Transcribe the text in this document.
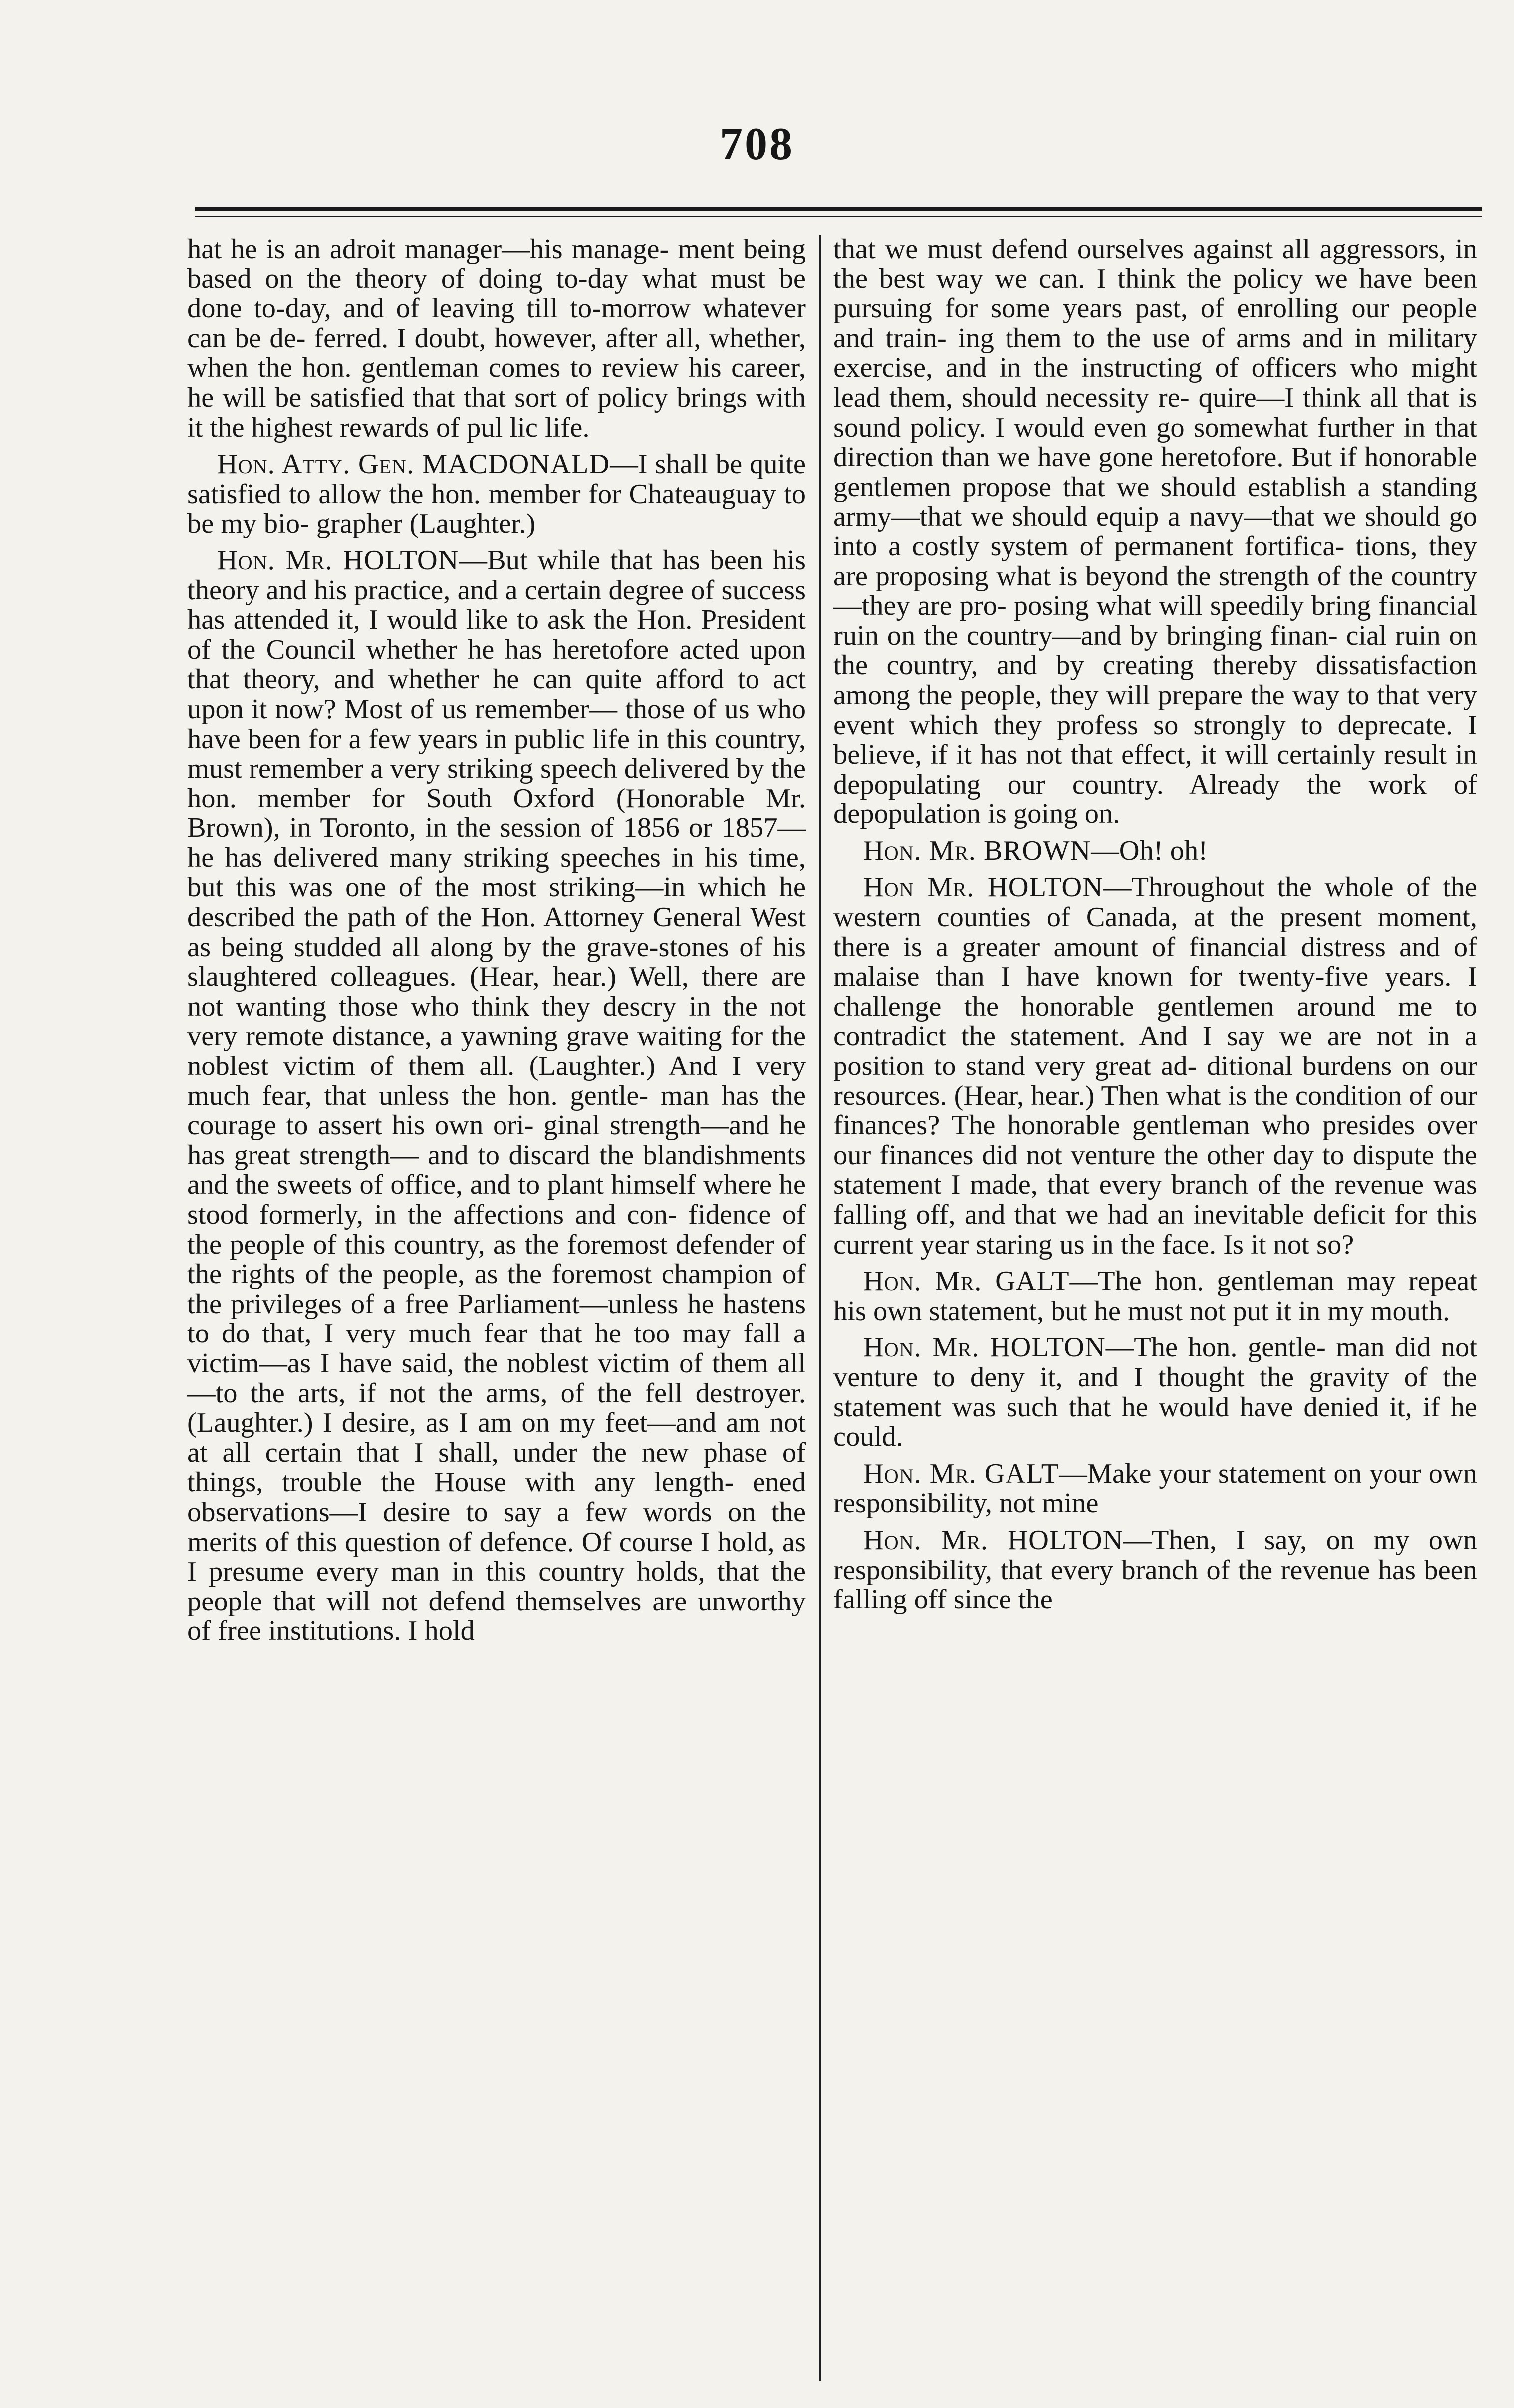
708

hat he is an adroit manager—his manage- ment being based on the theory of doing to-day what must be done to-day, and of leaving till to-morrow whatever can be de- ferred. I doubt, however, after all, whether, when the hon. gentleman comes to review his career, he will be satisfied that that sort of policy brings with it the highest rewards of pul lic life.

Hon. Atty. Gen. MACDONALD—I shall be quite satisfied to allow the hon. member for Chateauguay to be my bio- grapher (Laughter.)

Hon. Mr. HOLTON—But while that has been his theory and his practice, and a certain degree of success has attended it, I would like to ask the Hon. President of the Council whether he has heretofore acted upon that theory, and whether he can quite afford to act upon it now? Most of us remember— those of us who have been for a few years in public life in this country, must remember a very striking speech delivered by the hon. member for South Oxford (Honorable Mr. Brown), in Toronto, in the session of 1856 or 1857—he has delivered many striking speeches in his time, but this was one of the most striking—in which he described the path of the Hon. Attorney General West as being studded all along by the grave-stones of his slaughtered colleagues. (Hear, hear.) Well, there are not wanting those who think they descry in the not very remote distance, a yawning grave waiting for the noblest victim of them all. (Laughter.) And I very much fear, that unless the hon. gentle- man has the courage to assert his own ori- ginal strength—and he has great strength— and to discard the blandishments and the sweets of office, and to plant himself where he stood formerly, in the affections and con- fidence of the people of this country, as the foremost defender of the rights of the people, as the foremost champion of the privileges of a free Parliament—unless he hastens to do that, I very much fear that he too may fall a victim—as I have said, the noblest victim of them all—to the arts, if not the arms, of the fell destroyer. (Laughter.) I desire, as I am on my feet—and am not at all certain that I shall, under the new phase of things, trouble the House with any length- ened observations—I desire to say a few words on the merits of this question of defence. Of course I hold, as I presume every man in this country holds, that the people that will not defend themselves are unworthy of free institutions. I hold

that we must defend ourselves against all aggressors, in the best way we can. I think the policy we have been pursuing for some years past, of enrolling our people and train- ing them to the use of arms and in military exercise, and in the instructing of officers who might lead them, should necessity re- quire—I think all that is sound policy. I would even go somewhat further in that direction than we have gone heretofore. But if honorable gentlemen propose that we should establish a standing army—that we should equip a navy—that we should go into a costly system of permanent fortifica- tions, they are proposing what is beyond the strength of the country—they are pro- posing what will speedily bring financial ruin on the country—and by bringing finan- cial ruin on the country, and by creating thereby dissatisfaction among the people, they will prepare the way to that very event which they profess so strongly to deprecate. I believe, if it has not that effect, it will certainly result in depopulating our country. Already the work of depopulation is going on.

Hon. Mr. BROWN—Oh! oh!

Hon Mr. HOLTON—Throughout the whole of the western counties of Canada, at the present moment, there is a greater amount of financial distress and of malaise than I have known for twenty-five years. I challenge the honorable gentlemen around me to contradict the statement. And I say we are not in a position to stand very great ad- ditional burdens on our resources. (Hear, hear.) Then what is the condition of our finances? The honorable gentleman who presides over our finances did not venture the other day to dispute the statement I made, that every branch of the revenue was falling off, and that we had an inevitable deficit for this current year staring us in the face. Is it not so?

Hon. Mr. GALT—The hon. gentleman may repeat his own statement, but he must not put it in my mouth.

Hon. Mr. HOLTON—The hon. gentle- man did not venture to deny it, and I thought the gravity of the statement was such that he would have denied it, if he could.

Hon. Mr. GALT—Make your statement on your own responsibility, not mine

Hon. Mr. HOLTON—Then, I say, on my own responsibility, that every branch of the revenue has been falling off since the
